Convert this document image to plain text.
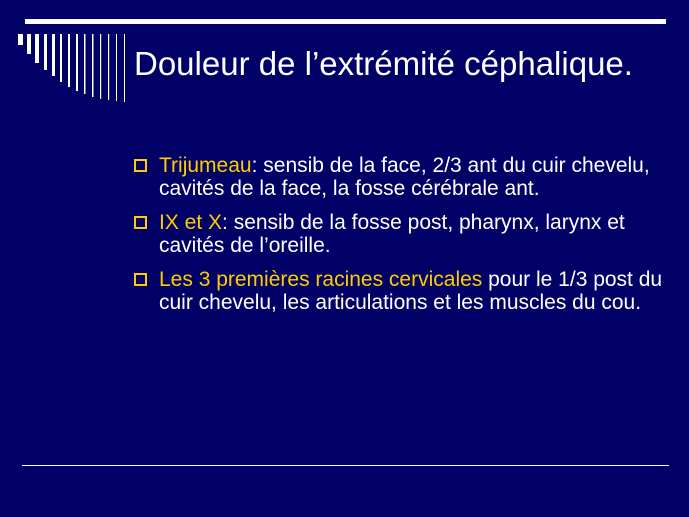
Douleur de l’extrémité céphalique.
Trijumeau: sensib de la face, 2/3 ant du cuir chevelu, cavités de la face, la fosse cérébrale ant.
IX et X: sensib de la fosse post, pharynx, larynx et cavités de l’oreille.
Les 3 premières racines cervicales pour le 1/3 post du cuir chevelu, les articulations et les muscles du cou.
